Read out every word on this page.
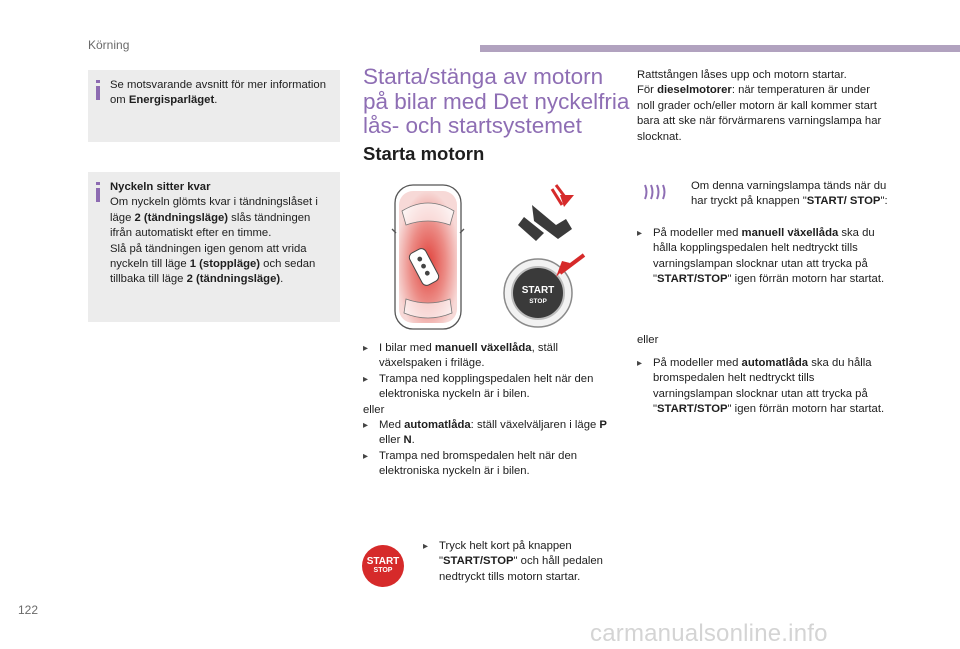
Körning

Se motsvarande avsnitt för mer information om Energisparläget.

Nyckeln sitter kvar
Om nyckeln glömts kvar i tändningslåset i läge 2 (tändningsläge) slås tändningen ifrån automatiskt efter en timme.
Slå på tändningen igen genom att vrida nyckeln till läge 1 (stoppläge) och sedan tillbaka till läge 2 (tändningsläge).

Starta/stänga av motorn på bilar med Det nyckelfria lås- och startsystemet
Starta motorn
START
STOP
▸ I bilar med manuell växellåda, ställ växelspaken i friläge.
▸ Trampa ned kopplingspedalen helt när den elektroniska nyckeln är i bilen.
eller
▸ Med automatlåda: ställ växelväljaren i läge P eller N.
▸ Trampa ned bromspedalen helt när den elektroniska nyckeln är i bilen.
START
STOP
▸ Tryck helt kort på knappen "START/STOP" och håll pedalen nedtryckt tills motorn startar.
Rattstången låses upp och motorn startar.
För dieselmotorer: när temperaturen är under noll grader och/eller motorn är kall kommer start bara att ske när förvärmarens varningslampa har slocknat.
Om denna varningslampa tänds när du har tryckt på knappen "START/ STOP":
▸ På modeller med manuell växellåda ska du hålla kopplingspedalen helt nedtryckt tills varningslampan slocknar utan att trycka på "START/STOP" igen förrän motorn har startat.
eller
▸ På modeller med automatlåda ska du hålla bromspedalen helt nedtryckt tills varningslampan slocknar utan att trycka på "START/STOP" igen förrän motorn har startat.
122
carmanualsonline.info
